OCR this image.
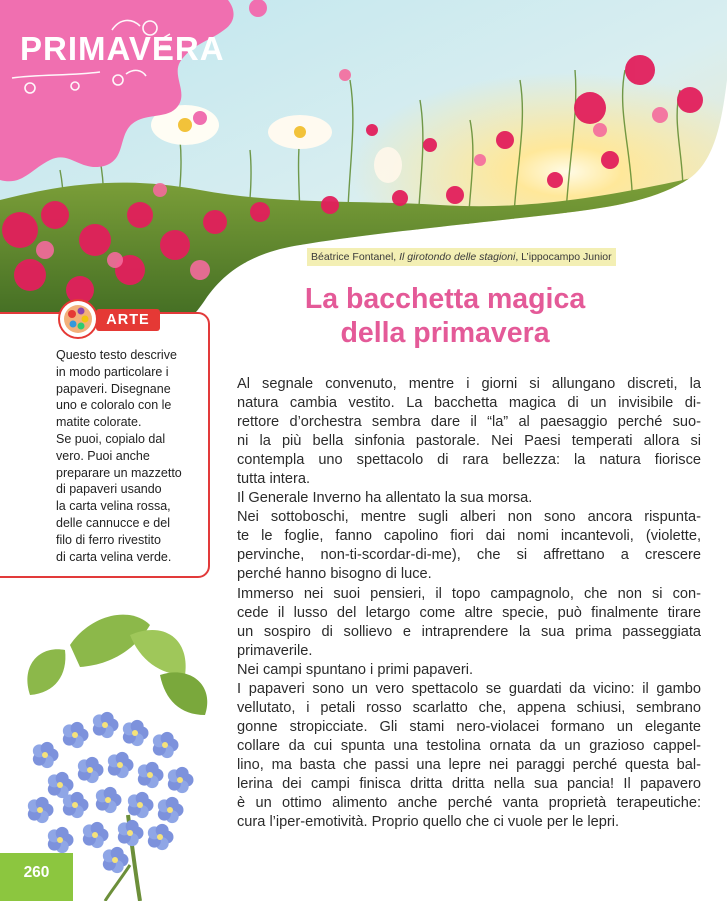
PRIMAVERA
Béatrice Fontanel, Il girotondo delle stagioni, L’ippocampo Junior
La bacchetta magica
della primavera
ARTE
Questo testo descrive
in modo particolare i
papaveri. Disegnane
uno e coloralo con le
matite colorate.
Se puoi, copialo dal
vero. Puoi anche
preparare un mazzetto
di papaveri usando
la carta velina rossa,
delle cannucce e del
filo di ferro rivestito
di carta velina verde.
Al segnale convenuto, mentre i giorni si allungano discreti, la
natura cambia vestito. La bacchetta magica di un invisibile di-
rettore d’orchestra sembra dare il “la” al paesaggio perché suo-
ni la più bella sinfonia pastorale. Nei Paesi temperati allora si
contempla uno spettacolo di rara bellezza: la natura fiorisce
tutta intera.
Il Generale Inverno ha allentato la sua morsa.
Nei sottoboschi, mentre sugli alberi non sono ancora rispunta-
te le foglie, fanno capolino fiori dai nomi incantevoli, (violette,
pervinche, non-ti-scordar-di-me), che si affrettano a crescere
perché hanno bisogno di luce.
Immerso nei suoi pensieri, il topo campagnolo, che non si con-
cede il lusso del letargo come altre specie, può finalmente tirare
un sospiro di sollievo e intraprendere la sua prima passeggiata
primaverile.
Nei campi spuntano i primi papaveri.
I papaveri sono un vero spettacolo se guardati da vicino: il gambo
vellutato, i petali rosso scarlatto che, appena schiusi, sembrano
gonne stropicciate. Gli stami nero-violacei formano un elegante
collare da cui spunta una testolina ornata da un grazioso cappel-
lino, ma basta che passi una lepre nei paraggi perché questa bal-
lerina dei campi finisca dritta dritta nella sua pancia! Il papavero
è un ottimo alimento anche perché vanta proprietà terapeutiche:
cura l’iper-emotività. Proprio quello che ci vuole per le lepri.
260
